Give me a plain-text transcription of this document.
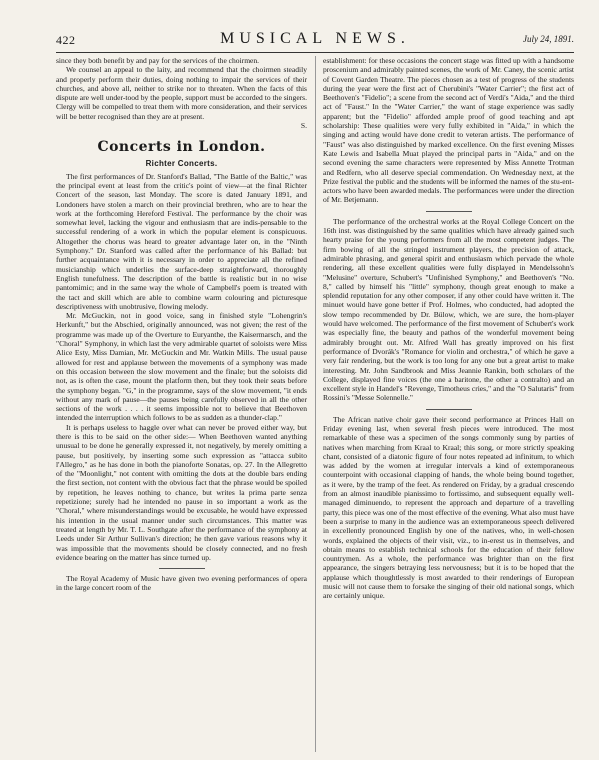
422	MUSICAL NEWS.	July 24, 1891.

since they both benefit by and pay for the services of the choirmen.

We counsel an appeal to the laity, and recommend that the choirmen steadily and properly perform their duties, doing nothing to impair the services of their churches, and above all, neither to strike nor to threaten. When the facts of this dispute are well under-tood by the people, support must be accorded to the singers. Clergy will be compelled to treat them with more consideration, and their services will be better recognised than they are at present.

S.
Concerts in London.
Richter Concerts.

The first performances of Dr. Stanford's Ballad, "The Battle of the Baltic," was the principal event at least from the critic's point of view—at the final Richter Concert of the season, last Monday. The score is dated January 1891, and Londoners have stolen a march on their provincial brethren, who are to hear the work at the forthcoming Hereford Festival. The performance by the choir was somewhat level, lacking the vigour and enthusiasm that are indis-pensable to the successful rendering of a work in which the popular element is conspicuous. Altogether the chorus was heard to greater advantage later on, in the "Ninth Symphony." Dr. Stanford was called after the performance of his Ballad: but further acquaintance with it is necessary in order to appreciate all the refined musicianship which underlies the surface-deep straightforward, thoroughly English tunefulness. The description of the battle is realistic but in no wise pantomimic; and in the same way the whole of Campbell's poem is treated with the tact and skill which are able to combine warm colouring and picturesque descriptiveness with unobtrusive, flowing melody.

Mr. McGuckin, not in good voice, sang in finished style "Lohengrin's Herkunft," but the Abschied, originally announced, was not given; the rest of the programme was made up of the Overture to Euryanthe, the Kaisermarsch, and the "Choral" Symphony, in which last the very admirable quartet of soloists were Miss Alice Esty, Miss Damian, Mr. McGuckin and Mr. Watkin Mills. The usual pause allowed for rest and applause between the movements of a symphony was made on this occasion between the slow movement and the finale; but the soloists did not, as is often the case, mount the platform then, but they took their seats before the symphony began. "G," in the programme, says of the slow movement, "it ends without any mark of pause—the pauses being carefully observed in all the other sections of the work . . . . it seems impossible not to believe that Beethoven intended the interruption which follows to be as sudden as a thunder-clap."

It is perhaps useless to haggle over what can never be proved either way, but there is this to be said on the other side:— When Beethoven wanted anything unusual to be done he generally expressed it, not negatively, by merely omitting a pause, but positively, by inserting some such expression as "attacca subito l'Allegro," as he has done in both the pianoforte Sonatas, op. 27. In the Allegretto of the "Moonlight," not content with omitting the dots at the double bars ending the first section, not content with the obvious fact that the phrase would be spoiled by repetition, he leaves nothing to chance, but writes la prima parte senza repetizione; surely had he intended no pause in so important a work as the "Choral," where misunderstandings would be excusable, he would have expressed his intention in the usual manner under such circumstances. This matter was treated at length by Mr. T. L. Southgate after the performance of the symphony at Leeds under Sir Arthur Sullivan's direction; he then gave various reasons why it was impossible that the movements should be closely connected, and no fresh evidence bearing on the matter has since turned up.

The Royal Academy of Music have given two evening performances of opera in the large concert room of the

establishment: for these occasions the concert stage was fitted up with a handsome proscenium and admirably painted scenes, the work of Mr. Caney, the scenic artist of Covent Garden Theatre. The pieces chosen as a test of progress of the students during the year were the first act of Cherubini's "Water Carrier"; the first act of Beethoven's "Fidelio"; a scene from the second act of Verdi's "Aida," and the third act of "Faust." In the "Water Carrier," the want of stage experience was sadly apparent; but the "Fidelio" afforded ample proof of good teaching and apt scholarship: These qualities were very fully exhibited in "Aida," in which the singing and acting would have done credit to veteran artists. The performance of "Faust" was also distinguished by marked excellence. On the first evening Misses Kate Lewis and Isabella Muat played the principal parts in "Aida," and on the second evening the same characters were represented by Miss Annette Trotman and Redfern, who all deserve special commendation. On Wednesday next, at the Prize festival the public and the students will be informed the names of the stu-ent-actors who have been awarded medals. The performances were under the direction of Mr. Betjemann.

The performance of the orchestral works at the Royal College Concert on the 16th inst. was distinguished by the same qualities which have already gained such hearty praise for the young performers from all the most competent judges. The firm bowing of all the stringed instrument players, the precision of attack, admirable phrasing, and general spirit and enthusiasm which pervade the whole rendering, all these excellent qualities were fully displayed in Mendelssohn's "Melusine" overture, Schubert's "Unfinished Symphony," and Beethoven's "No. 8," called by himself his "little" symphony, though great enough to make a splendid reputation for any other composer, if any other could have written it. The minuet would have gone better if Prof. Holmes, who conducted, had adopted the slow tempo recommended by Dr. Bülow, which, we are sure, the horn-player would have welcomed. The performance of the first movement of Schubert's work was especially fine, the beauty and pathos of the wonderful movement being admirably brought out. Mr. Alfred Wall has greatly improved on his first performance of Dvorák's "Romance for violin and orchestra," of which he gave a very fair rendering, but the work is too long for any one but a great artist to make interesting. Mr. John Sandbrook and Miss Jeannie Rankin, both scholars of the College, displayed fine voices (the one a baritone, the other a contralto) and an excellent style in Handel's "Revenge, Timotheus cries," and the "O Salutaris" from Rossini's "Messe Solennelle."

The African native choir gave their second performance at Princes Hall on Friday evening last, when several fresh pieces were introduced. The most remarkable of these was a specimen of the songs commonly sung by parties of natives when marching from Kraal to Kraal; this song, or more strictly speaking chant, consisted of a diatonic figure of four notes repeated ad infinitum, to which was added by the women at irregular intervals a kind of extemporaneous counterpoint with occasional clapping of hands, the whole being bound together, as it were, by the tramp of the feet. As rendered on Friday, by a gradual crescendo from an almost inaudible pianissimo to fortissimo, and subsequent equally well-managed diminuendo, to represent the approach and departure of a travelling party, this piece was one of the most effective of the evening. What also must have been a surprise to many in the audience was an extemporaneous speech delivered in excellently pronounced English by one of the natives, who, in well-chosen words, explained the objects of their visit, viz., to in-erest us in themselves, and obtain means to establish technical schools for the education of their fellow countrymen. As a whole, the performance was brighter than on the first appearance, the singers betraying less nervousness; but it is to be hoped that the applause which thoughtlessly is most awarded to their renderings of European music will not cause them to forsake the singing of their old national songs, which are certainly unique.
